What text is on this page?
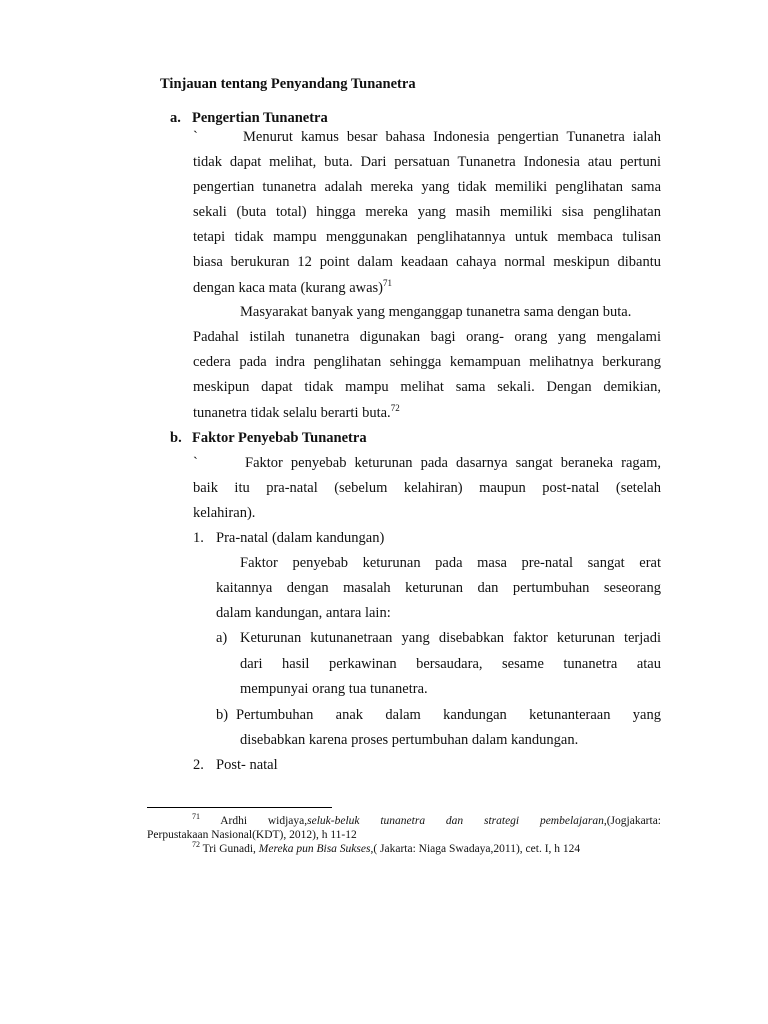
Tinjauan tentang Penyandang Tunanetra
a. Pengertian Tunanetra
`	Menurut kamus besar bahasa Indonesia pengertian Tunanetra ialah
tidak dapat melihat, buta. Dari persatuan Tunanetra Indonesia atau pertuni
pengertian tunanetra adalah mereka yang tidak memiliki penglihatan sama
sekali (buta total) hingga mereka yang masih memiliki sisa penglihatan
tetapi tidak mampu menggunakan penglihatannya untuk membaca tulisan
biasa berukuran 12 point dalam keadaan cahaya normal meskipun dibantu
dengan kaca mata (kurang awas)$^{71}$
Masyarakat banyak yang menganggap tunanetra sama dengan buta.
Padahal istilah tunanetra digunakan bagi orang- orang yang mengalami
cedera pada indra penglihatan sehingga kemampuan melihatnya berkurang
meskipun dapat tidak mampu melihat sama sekali. Dengan demikian,
tunanetra tidak selalu berarti buta.$^{72}$
b. Faktor Penyebab Tunanetra
`	Faktor penyebab keturunan pada dasarnya sangat beraneka ragam,
baik itu pra-natal (sebelum kelahiran) maupun post-natal (setelah
kelahiran).
1. Pra-natal (dalam kandungan)
Faktor penyebab keturunan pada masa pre-natal sangat erat
kaitannya dengan masalah keturunan dan pertumbuhan seseorang
dalam kandungan, antara lain:
a) Keturunan kutunanetraan yang disebabkan faktor keturunan terjadi
dari hasil perkawinan bersaudara, sesame tunanetra atau
mempunyai orang tua tunanetra.
b) Pertumbuhan anak dalam kandungan ketunanteraan yang
disebabkan karena proses pertumbuhan dalam kandungan.
2. Post- natal
$^{71}$ Ardhi widjaya,seluk-beluk tunanetra dan strategi pembelajaran,(Jogjakarta:
Perpustakaan Nasional(KDT), 2012), h 11-12
$^{72}$ Tri Gunadi, Mereka pun Bisa Sukses,( Jakarta: Niaga Swadaya,2011), cet. I, h 124
